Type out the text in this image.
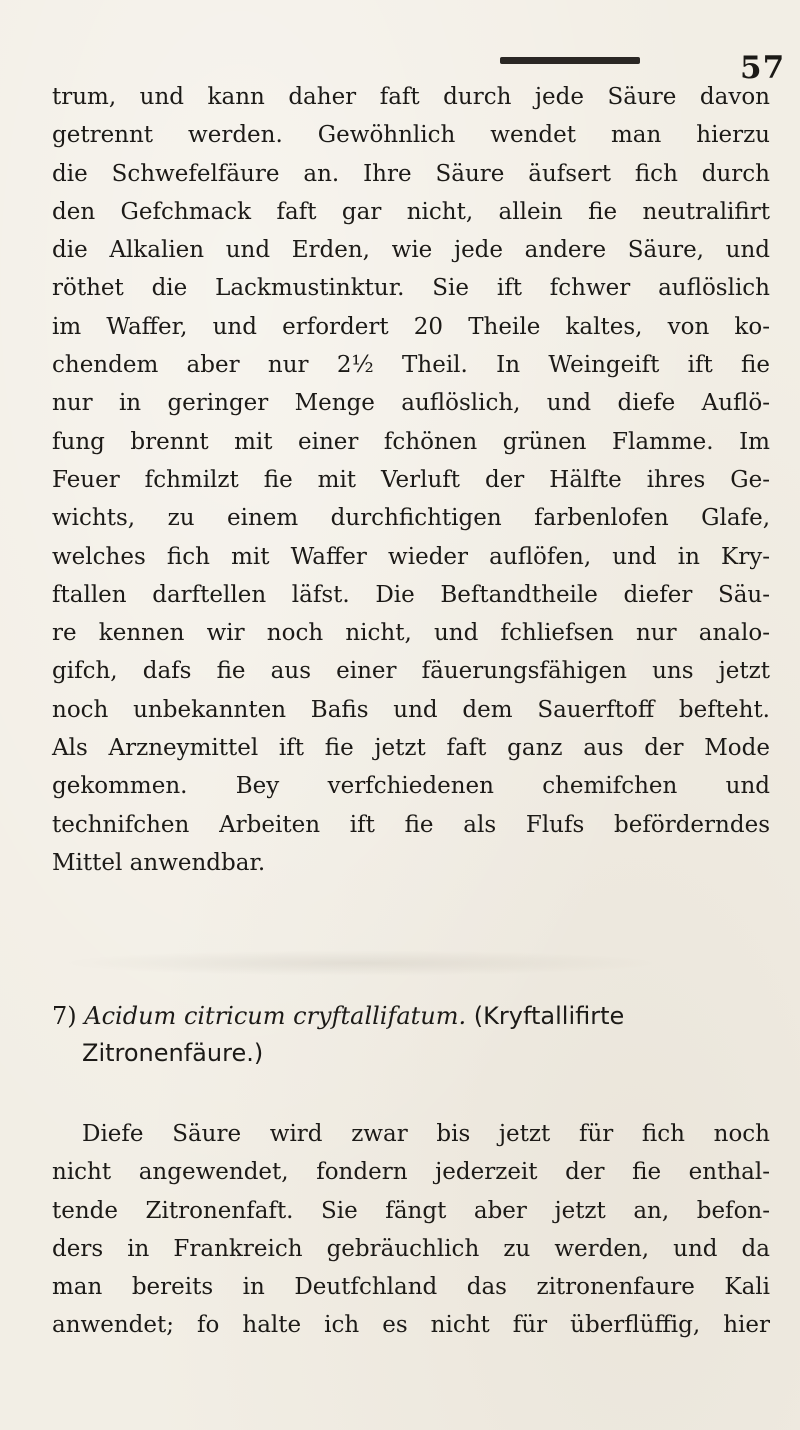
57

trum, und kann daher faft durch jede Säure davon
getrennt werden. Gewöhnlich wendet man hierzu
die Schwefelfäure an. Ihre Säure äufsert fich durch
den Gefchmack faft gar nicht, allein fie neutralifirt
die Alkalien und Erden, wie jede andere Säure, und
röthet die Lackmustinktur. Sie ift fchwer auflöslich
im Waffer, und erfordert 20 Theile kaltes, von ko-
chendem aber nur 2½ Theil. In Weingeift ift fie
nur in geringer Menge auflöslich, und diefe Auflö-
fung brennt mit einer fchönen grünen Flamme. Im
Feuer fchmilzt fie mit Verluft der Hälfte ihres Ge-
wichts, zu einem durchfichtigen farbenlofen Glafe,
welches fich mit Waffer wieder auflöfen, und in Kry-
ftallen darftellen läfst. Die Beftandtheile diefer Säu-
re kennen wir noch nicht, und fchliefsen nur analo-
gifch, dafs fie aus einer fäuerungsfähigen uns jetzt
noch unbekannten Bafis und dem Sauerftoff befteht.
Als Arzneymittel ift fie jetzt faft ganz aus der Mode
gekommen. Bey verfchiedenen chemifchen und
technifchen Arbeiten ift fie als Flufs beförderndes
Mittel anwendbar.

7) Acidum citricum cryftallifatum. (Kryftallifirte
Zitronenfäure.)

Diefe Säure wird zwar bis jetzt für fich noch
nicht angewendet, fondern jederzeit der fie enthal-
tende Zitronenfaft. Sie fängt aber jetzt an, befon-
ders in Frankreich gebräuchlich zu werden, und da
man bereits in Deutfchland das zitronenfaure Kali
anwendet; fo halte ich es nicht für überflüffig, hier
